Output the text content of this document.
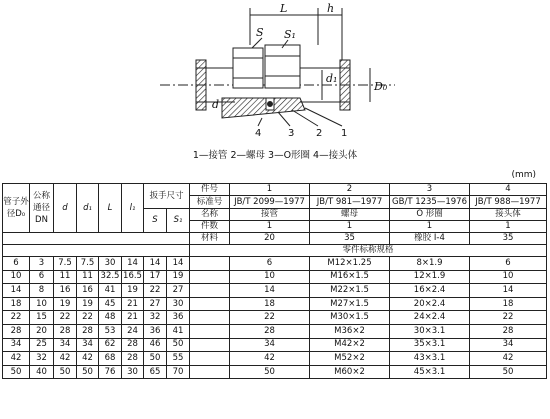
L	h
S S₁
d
d₁
D₀
4	3 2 1
1—接管 2—螺母 3—O形圈 4—接头体
(mm)
管子外径D₀	公称通径DN	d	d₁	L	l₁	扳手尺寸		件号	1	2	3	4
								标准号	JB/T 2099—1977	JB/T 981—1977	GB/T 1235—1976	JB/T 988—1977

						S	S₁	名称	接管	螺母	O 形圈	接头体
								件数	1	1	1	1
								材料	20	35	橡胶 I-4	35
								零件标称规格				
6	3	7.5	7.5	30	14	14	14		6	M12×1.25	8×1.9	6
10	6	11	11	32.5	16.5	17	19		10	M16×1.5	12×1.9	10
14	8	16	16	41	19	22	27		14	M22×1.5	16×2.4	14
18	10	19	19	45	21	27	30		18	M27×1.5	20×2.4	18
22	15	22	22	48	21	32	36		22	M30×1.5	24×2.4	22
28	20	28	28	53	24	36	41		28	M36×2	30×3.1	28
34	25	34	34	62	28	46	50		34	M42×2	35×3.1	34
42	32	42	42	68	28	50	55		42	M52×2	43×3.1	42
50	40	50	50	76	30	65	70		50	M60×2	45×3.1	50
